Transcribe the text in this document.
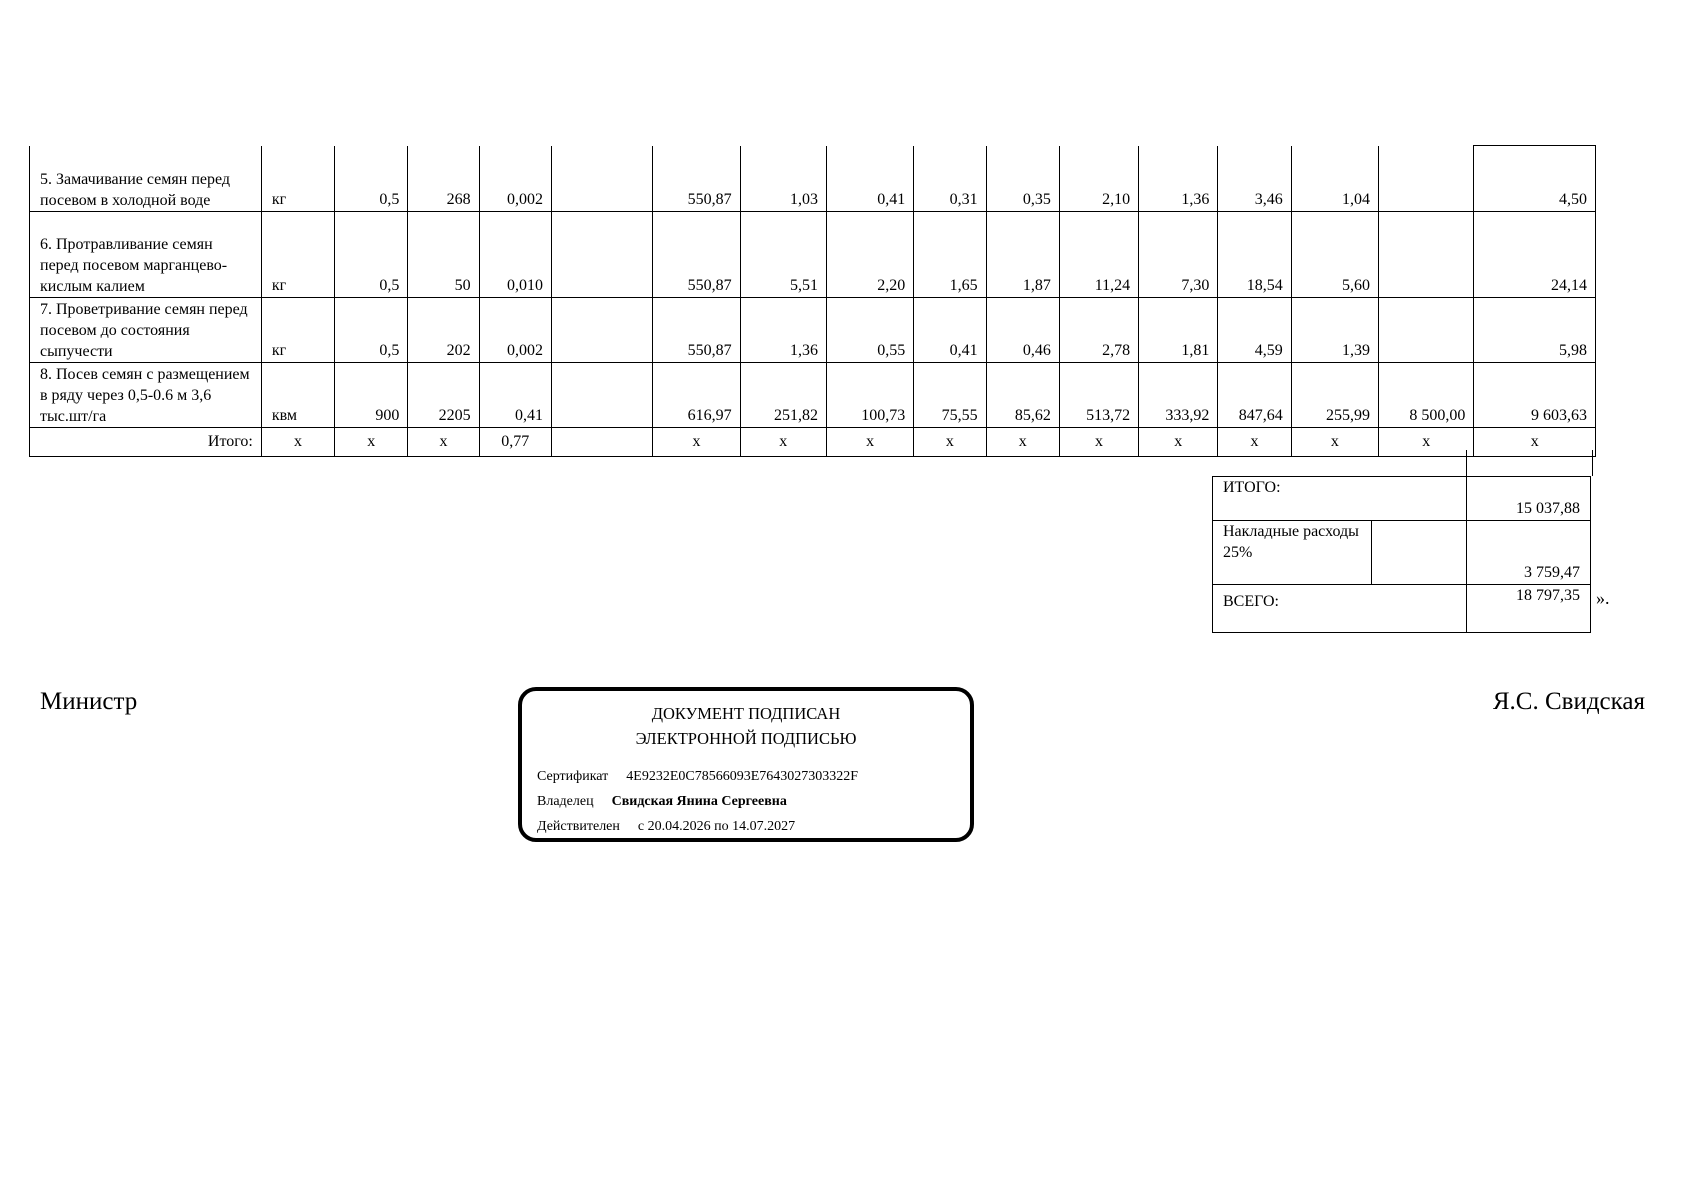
5. Замачивание семян перед посевом в холодной воде	кг	0,5	268	0,002		550,87	1,03	0,41	0,31	0,35	2,10	1,36	3,46	1,04		4,50
6. Протравливание семян перед посевом марганцево-кислым калием	кг	0,5	50	0,010		550,87	5,51	2,20	1,65	1,87	11,24	7,30	18,54	5,60		24,14
7. Проветривание семян перед посевом до состояния сыпучести	кг	0,5	202	0,002		550,87	1,36	0,55	0,41	0,46	2,78	1,81	4,59	1,39		5,98
8. Посев семян с размещением в ряду через 0,5-0.6 м 3,6 тыс.шт/га	квм	900	2205	0,41		616,97	251,82	100,73	75,55	85,62	513,72	333,92	847,64	255,99	8 500,00	9 603,63
Итого:	х	х	х	0,77		х	х	х	х	х	х	х	х	х	х	х
ИТОГО:		15 037,88
Накладные расходы 25%		3 759,47
ВСЕГО:		18 797,35 ».
Министр	Я.С. Свидская
ДОКУМЕНТ ПОДПИСАН
ЭЛЕКТРОННОЙ ПОДПИСЬЮ
Сертификат 4E9232E0C78566093E7643027303322F
Владелец Свидская Янина Сергеевна
Действителен с 20.04.2026 по 14.07.2027
